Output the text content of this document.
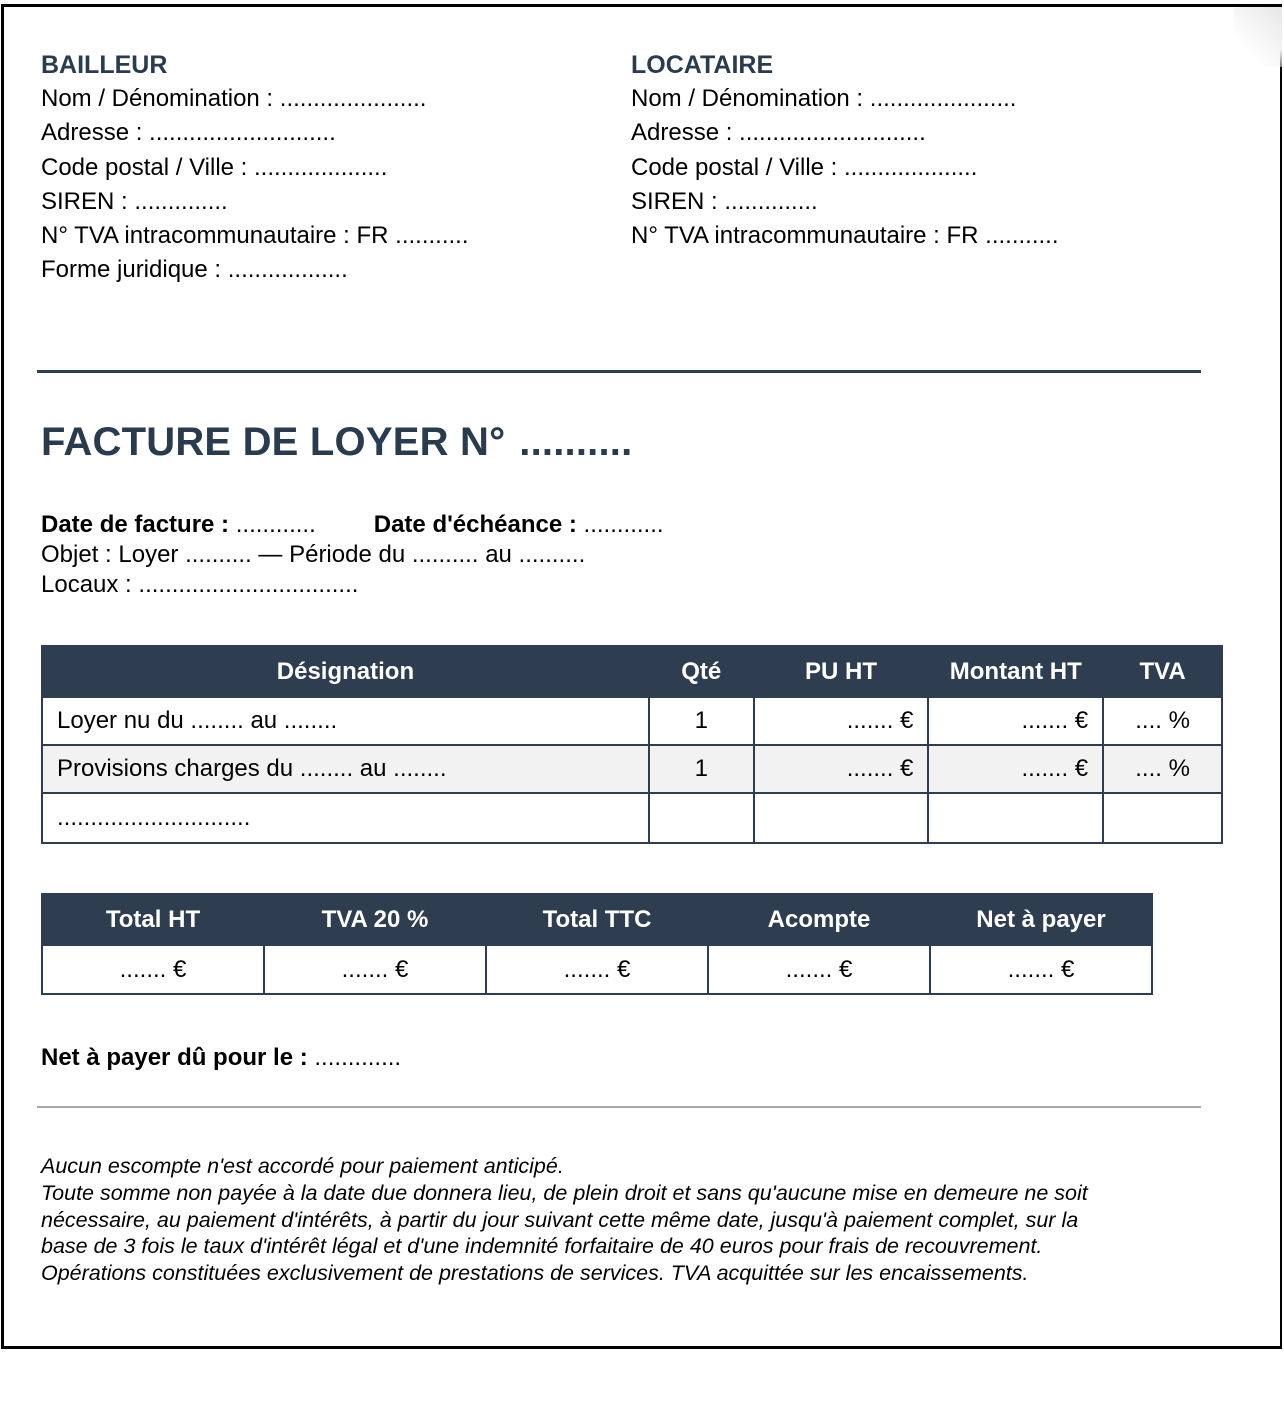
BAILLEUR
Nom / Dénomination : ......................
Adresse : ............................
Code postal / Ville : ....................
SIREN : ..............
N° TVA intracommunautaire : FR ...........
Forme juridique : ..................
LOCATAIRE
Nom / Dénomination : ......................
Adresse : ............................
Code postal / Ville : ....................
SIREN : ..............
N° TVA intracommunautaire : FR ...........
FACTURE DE LOYER N° ..........
Date de facture : ............ Date d'échéance : ............
Objet : Loyer .......... — Période du .......... au ..........
Locaux : .................................
Désignation	Qté	PU HT	Montant HT	TVA
Loyer nu du ........ au ........	1	....... €	....... €	.... %
Provisions charges du ........ au ........	1	....... €	....... €	.... %
.............................				
Total HT	TVA 20 %	Total TTC	Acompte	Net à payer
....... €	....... €	....... €	....... €	....... €
Net à payer dû pour le : .............
Aucun escompte n'est accordé pour paiement anticipé.
Toute somme non payée à la date due donnera lieu, de plein droit et sans qu'aucune mise en demeure ne soit
nécessaire, au paiement d'intérêts, à partir du jour suivant cette même date, jusqu'à paiement complet, sur la
base de 3 fois le taux d'intérêt légal et d'une indemnité forfaitaire de 40 euros pour frais de recouvrement.
Opérations constituées exclusivement de prestations de services. TVA acquittée sur les encaissements.
